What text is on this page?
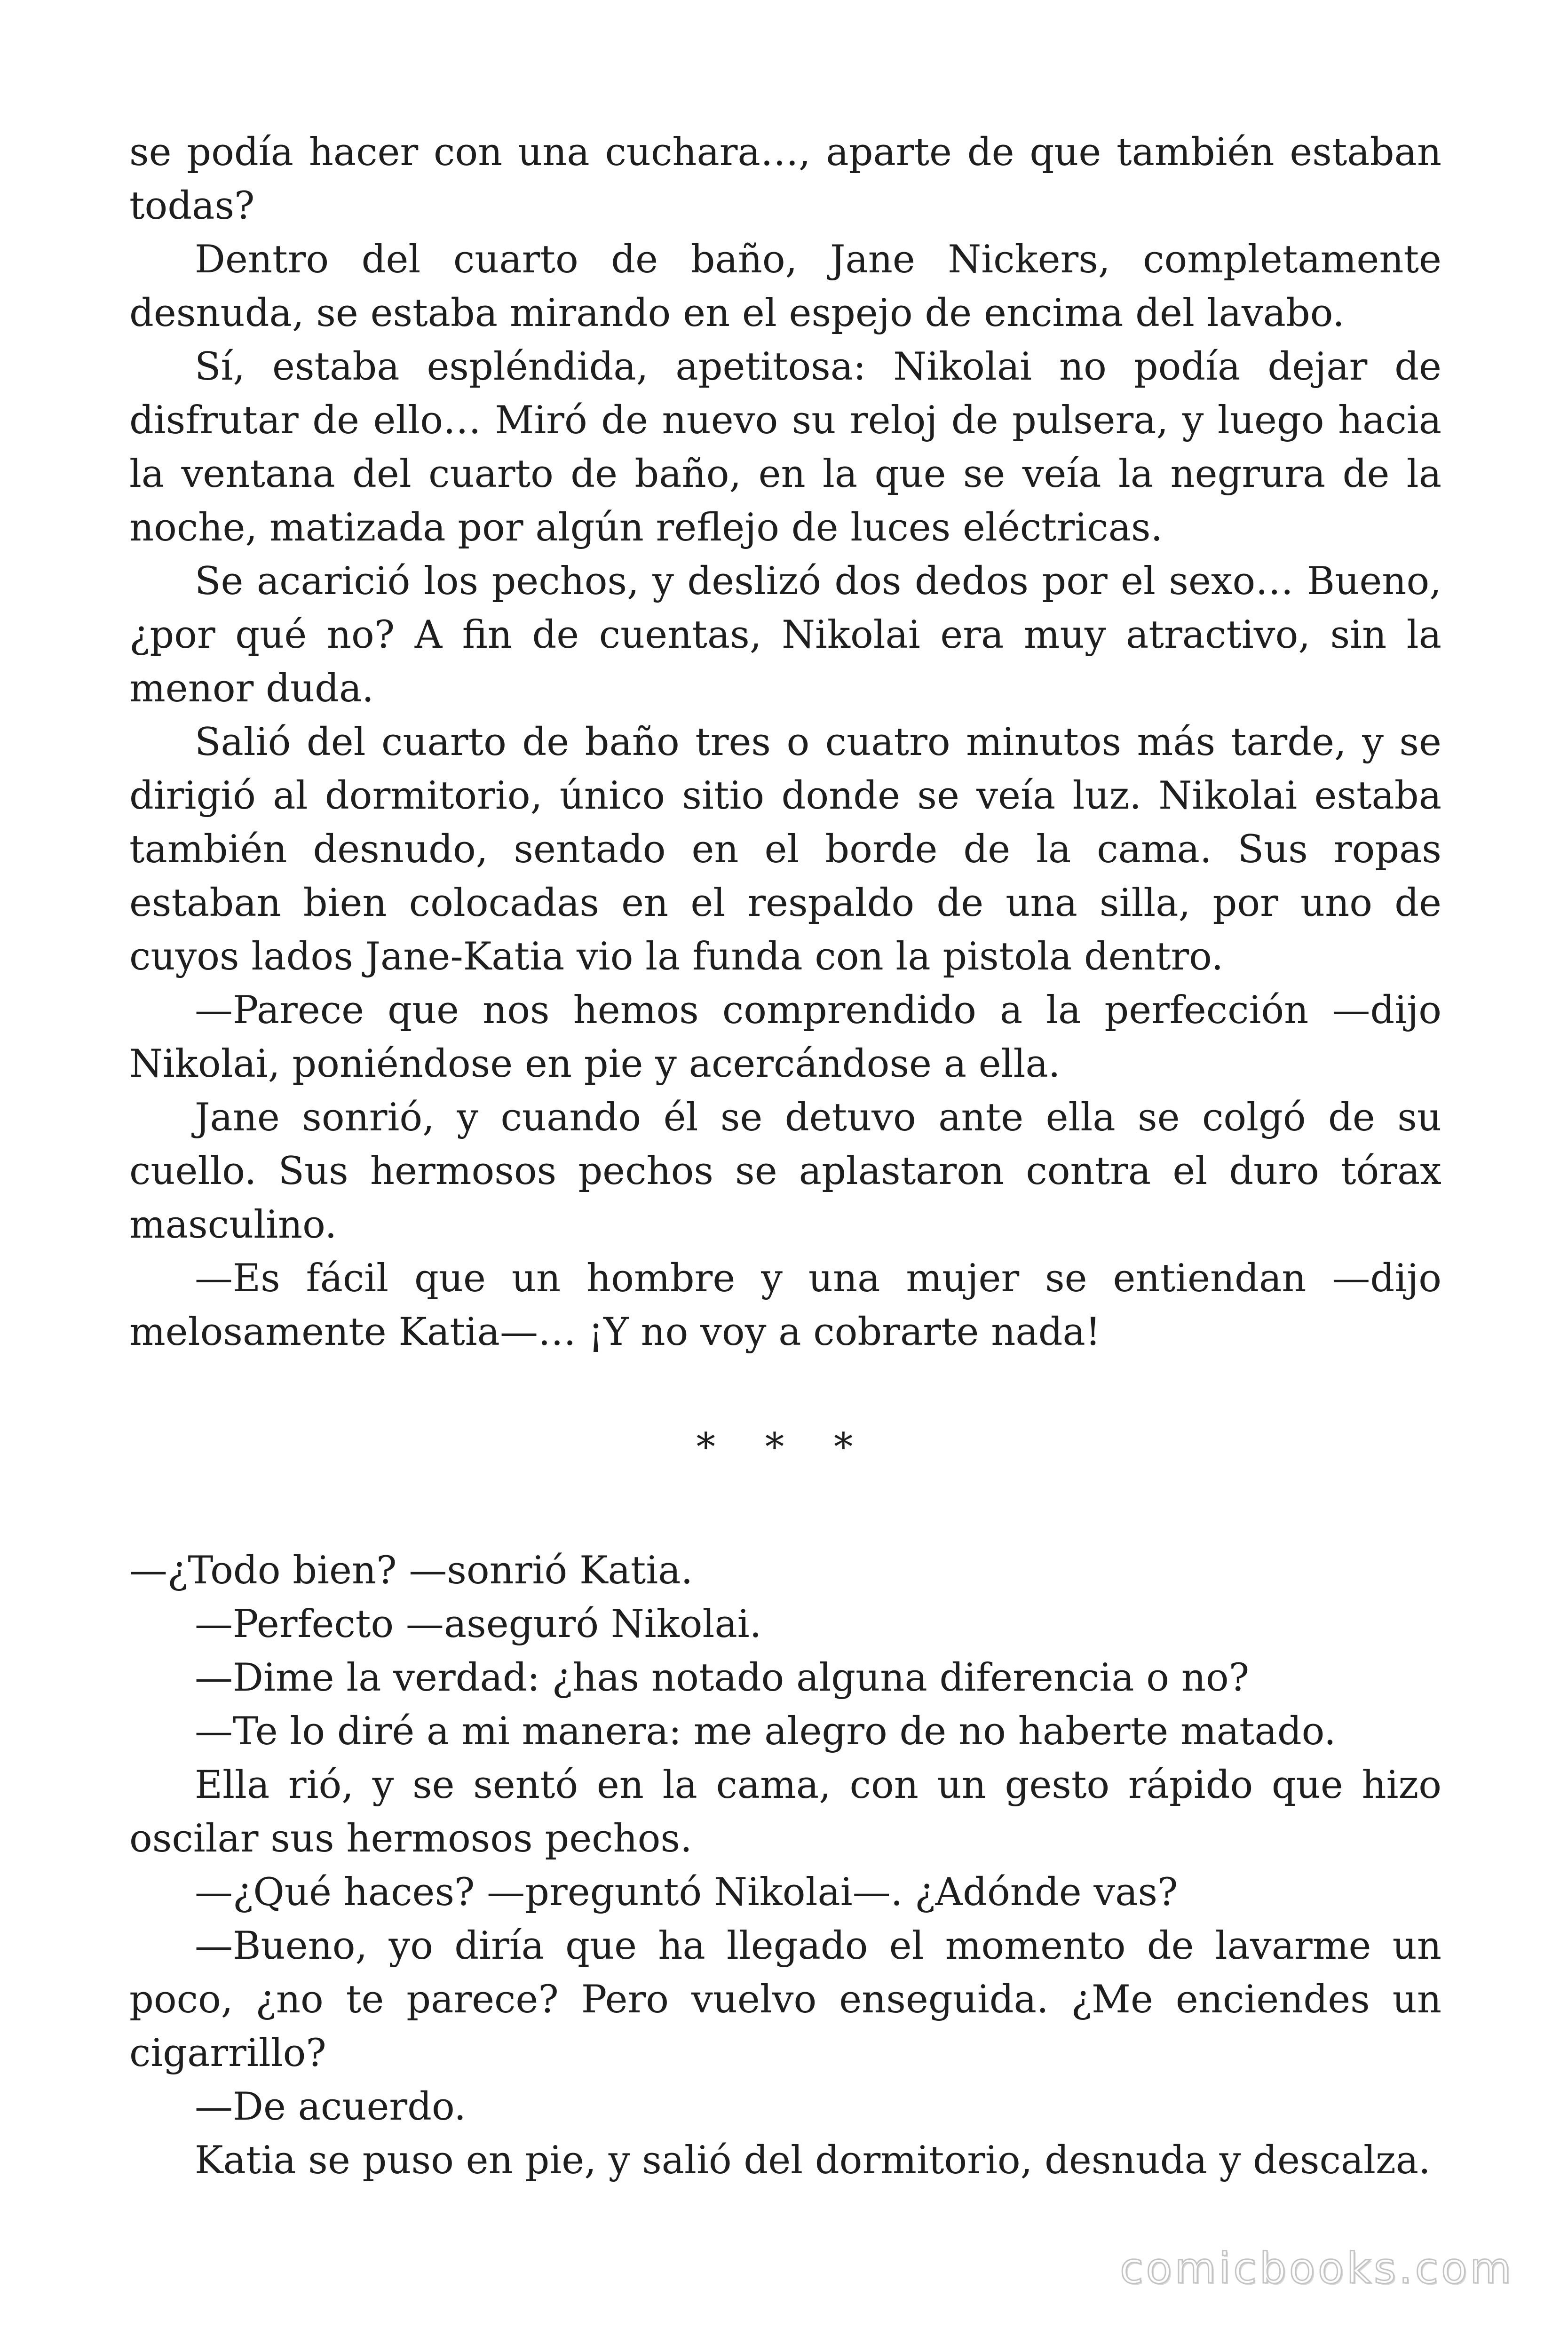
se podía hacer con una cuchara…, aparte de que también estaban todas?

Dentro del cuarto de baño, Jane Nickers, completamente desnuda, se estaba mirando en el espejo de encima del lavabo.

Sí, estaba espléndida, apetitosa: Nikolai no podía dejar de disfrutar de ello… Miró de nuevo su reloj de pulsera, y luego hacia la ventana del cuarto de baño, en la que se veía la negrura de la noche, matizada por algún reflejo de luces eléctricas.

Se acarició los pechos, y deslizó dos dedos por el sexo… Bueno, ¿por qué no? A fin de cuentas, Nikolai era muy atractivo, sin la menor duda.

Salió del cuarto de baño tres o cuatro minutos más tarde, y se dirigió al dormitorio, único sitio donde se veía luz. Nikolai estaba también desnudo, sentado en el borde de la cama. Sus ropas estaban bien colocadas en el respaldo de una silla, por uno de cuyos lados Jane-Katia vio la funda con la pistola dentro.

—Parece que nos hemos comprendido a la perfección —dijo Nikolai, poniéndose en pie y acercándose a ella.

Jane sonrió, y cuando él se detuvo ante ella se colgó de su cuello. Sus hermosos pechos se aplastaron contra el duro tórax masculino.

—Es fácil que un hombre y una mujer se entiendan —dijo melosamente Katia—… ¡Y no voy a cobrarte nada!

* * *

—¿Todo bien? —sonrió Katia.

—Perfecto —aseguró Nikolai.

—Dime la verdad: ¿has notado alguna diferencia o no?

—Te lo diré a mi manera: me alegro de no haberte matado.

Ella rió, y se sentó en la cama, con un gesto rápido que hizo oscilar sus hermosos pechos.

—¿Qué haces? —preguntó Nikolai—. ¿Adónde vas?

—Bueno, yo diría que ha llegado el momento de lavarme un poco, ¿no te parece? Pero vuelvo enseguida. ¿Me enciendes un cigarrillo?

—De acuerdo.

Katia se puso en pie, y salió del dormitorio, desnuda y descalza.

comicbooks.com
